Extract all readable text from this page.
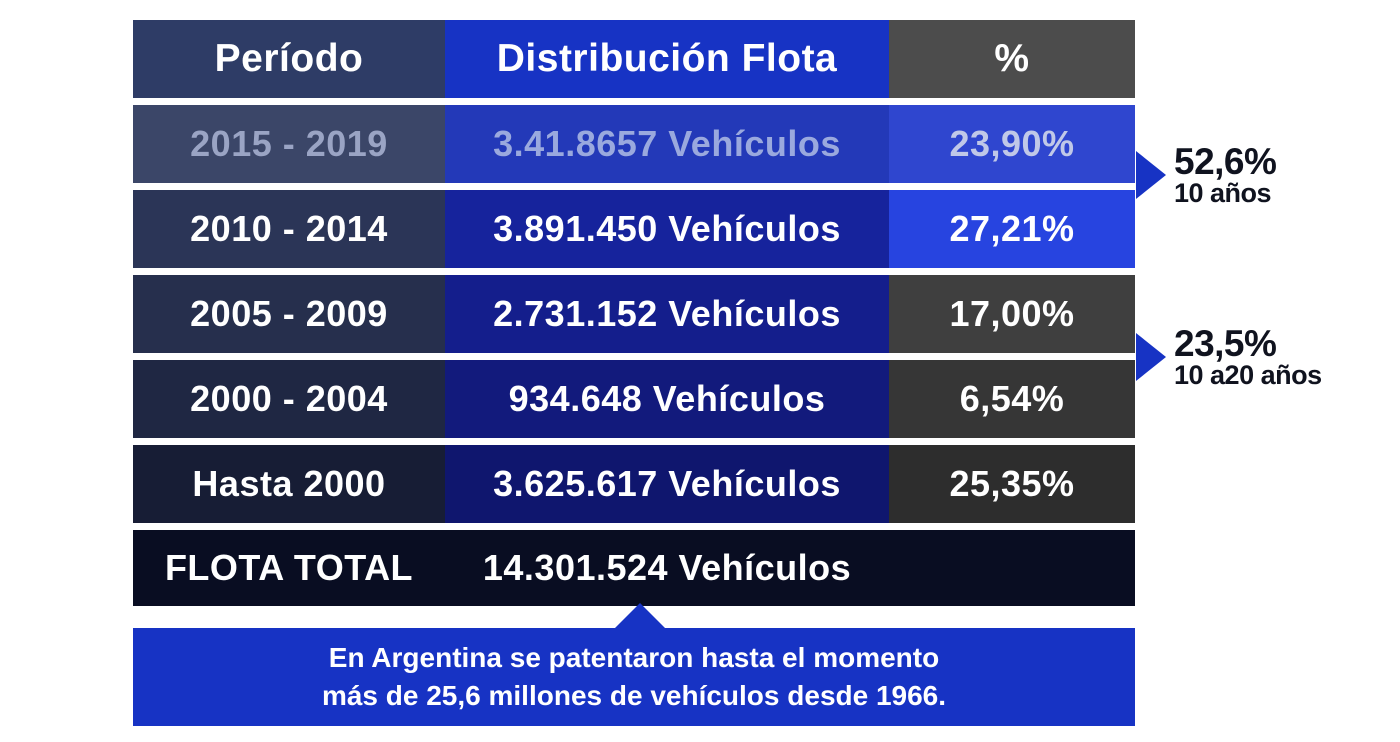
Período	Distribución Flota	%
2015 - 2019	3.41.8657 Vehículos	23,90%
2010 - 2014	3.891.450 Vehículos	27,21%
2005 - 2009	2.731.152 Vehículos	17,00%
2000 - 2004	934.648 Vehículos	6,54%
Hasta 2000	3.625.617 Vehículos	25,35%
FLOTA TOTAL	14.301.524 Vehículos
52,6%
10 años
23,5%
10 a20 años
En Argentina se patentaron hasta el momento
más de 25,6 millones de vehículos desde 1966.
